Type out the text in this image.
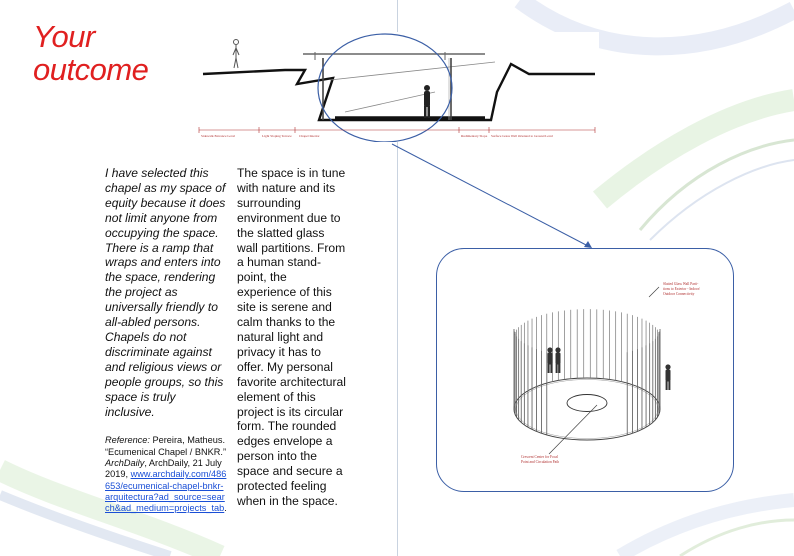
Your
outcome
Sidewalk Entrance Level	Light Sloping Terrace Chapel Interior	Rudimentary Slope Surface Grass Wall Oriented to Ground Level

I have selected this chapel as my space of equity because it does not limit anyone from occupying the space. There is a ramp that wraps and enters into the space, rendering the project as universally friendly to all-abled persons. Chapels do not discriminate against and religious views or people groups, so this space is truly inclusive.

Reference: Pereira, Matheus. “Ecumenical Chapel / BNKR.” ArchDaily, ArchDaily, 21 July 2019, www.archdaily.com/486653/ecumenical-chapel-bnkr-arquitectura?ad_source=search&ad_medium=projects_tab.

The space is in tune with nature and its surrounding environment due to the slatted glass wall partitions. From a human stand-point, the experience of this site is serene and calm thanks to the natural light and privacy it has to offer. My personal favorite architectural element of this project is its circular form. The rounded edges envelope a person into the space and secure a protected feeling when in the space.

Slatted Glass Wall Parti-
tions to Exterior - Indoor/
Outdoor Connectivity
Crescent Center for Focal
Point and Circulation Path
